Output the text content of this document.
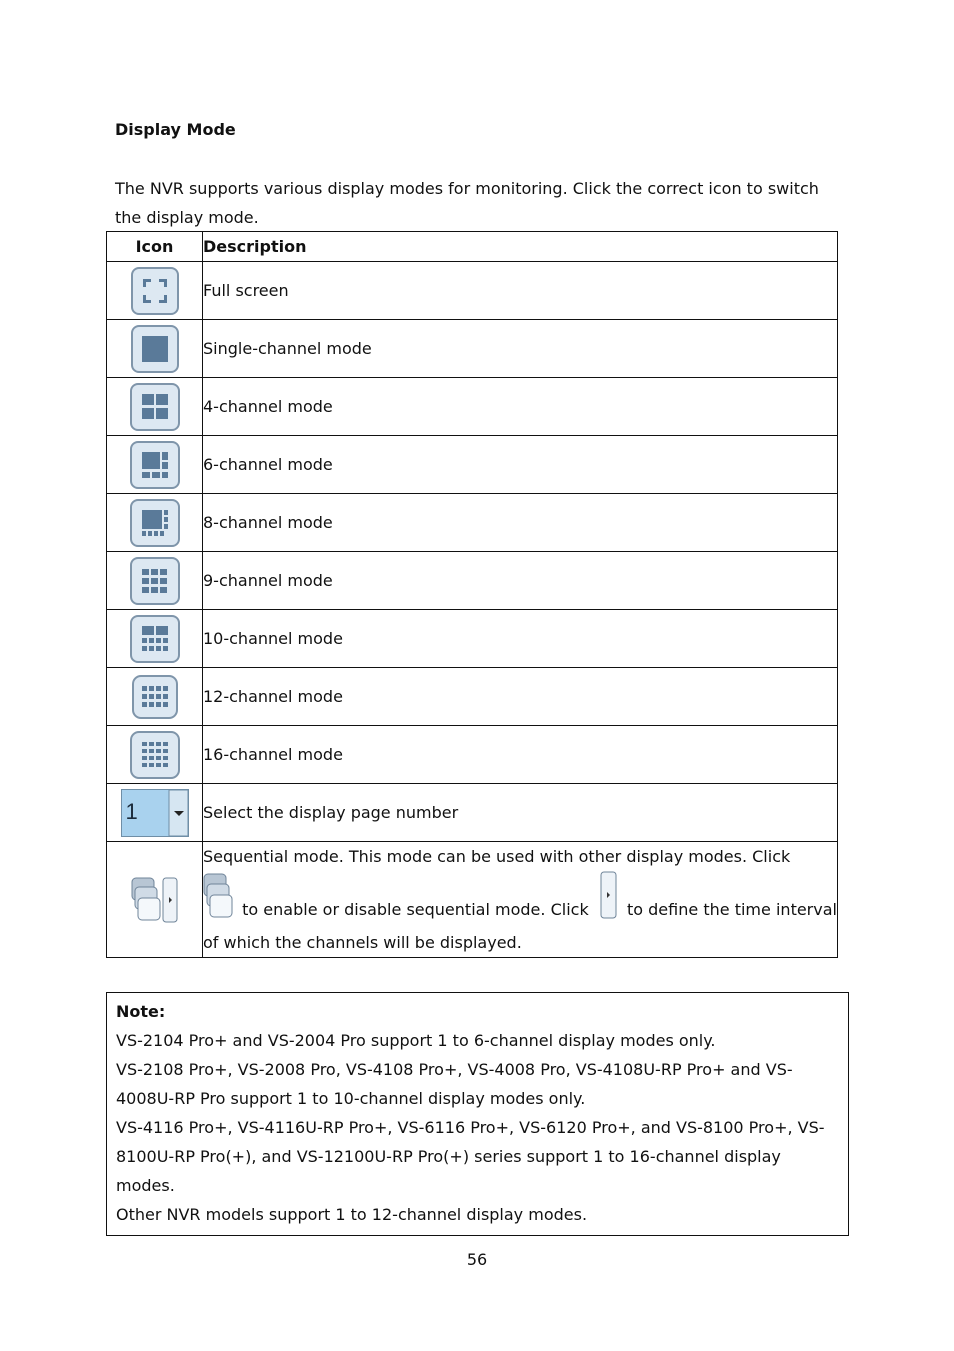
Display Mode
The NVR supports various display modes for monitoring. Click the correct icon to switch the display mode.
Icon	Description

	Full screen

	Single-channel mode

	4-channel mode

	6-channel mode

	8-channel mode

	9-channel mode

	10-channel mode

	12-channel mode

	16-channel mode

1	Select the display page number

Sequential mode. This mode can be used with other display modes. Click
to enable or disable sequential mode. Click to define the time interval of which the channels will be displayed.
Note:
VS-2104 Pro+ and VS-2004 Pro support 1 to 6-channel display modes only.
VS-2108 Pro+, VS-2008 Pro, VS-4108 Pro+, VS-4008 Pro, VS-4108U-RP Pro+ and VS-4008U-RP Pro support 1 to 10-channel display modes only.
VS-4116 Pro+, VS-4116U-RP Pro+, VS-6116 Pro+, VS-6120 Pro+, and VS-8100 Pro+, VS-8100U-RP Pro(+), and VS-12100U-RP Pro(+) series support 1 to 16-channel display modes.
Other NVR models support 1 to 12-channel display modes.
56
